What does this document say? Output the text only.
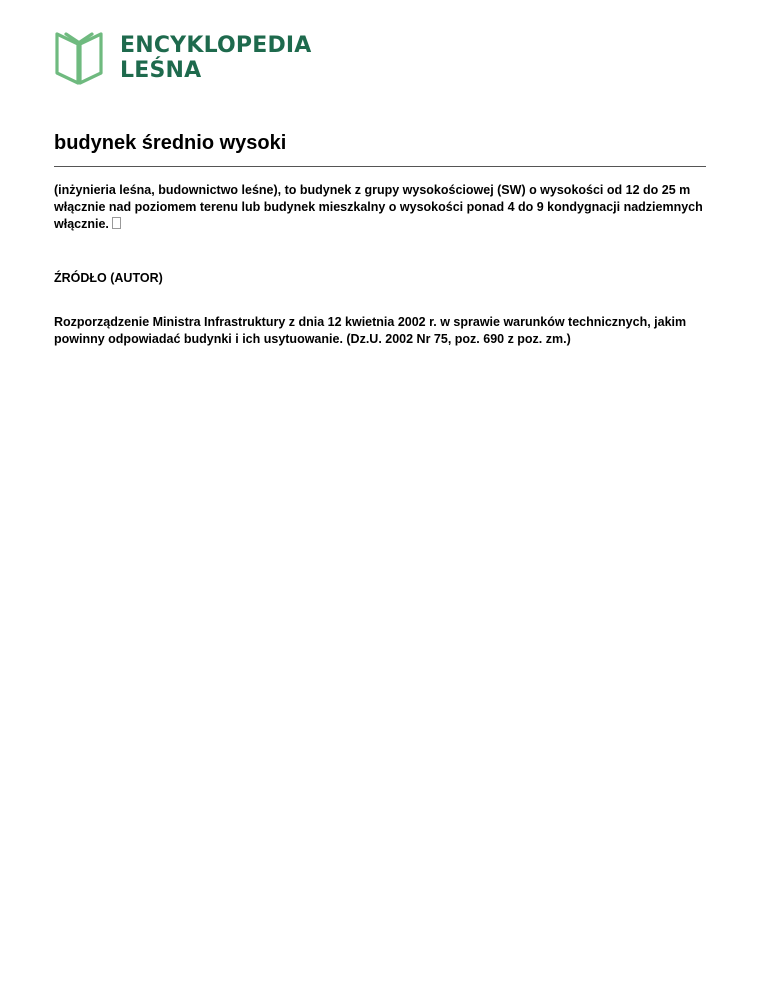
ENCYKLOPEDIA
LEŚNA
budynek średnio wysoki
(inżynieria leśna, budownictwo leśne), to budynek z grupy wysokościowej (SW) o wysokości od 12 do 25 m włącznie nad poziomem terenu lub budynek mieszkalny o wysokości ponad 4 do 9 kondygnacji nadziemnych włącznie.
ŹRÓDŁO (AUTOR)
Rozporządzenie Ministra Infrastruktury z dnia 12 kwietnia 2002 r. w sprawie warunków technicznych, jakim powinny odpowiadać budynki i ich usytuowanie. (Dz.U. 2002 Nr 75, poz. 690 z poz. zm.)
